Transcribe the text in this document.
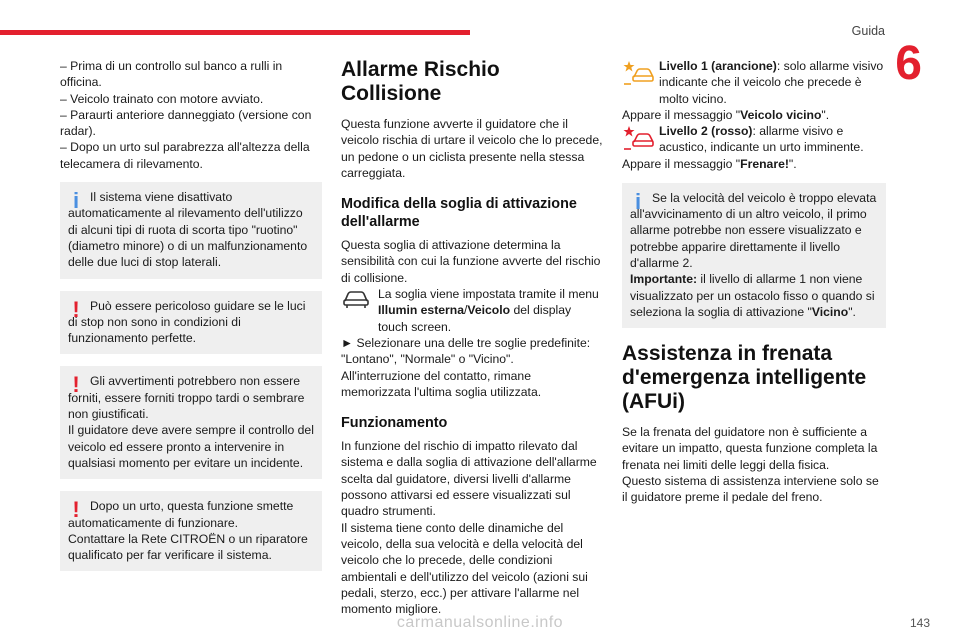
Guida
6

– Prima di un controllo sul banco a rulli in officina.

– Veicolo trainato con motore avviato.

– Paraurti anteriore danneggiato (versione con radar).

– Dopo un urto sul parabrezza all'altezza della telecamera di rilevamento.

i Il sistema viene disattivato automaticamente al rilevamento dell'utilizzo di alcuni tipi di ruota di scorta tipo "ruotino" (diametro minore) o di un malfunzionamento delle due luci di stop laterali.

! Può essere pericoloso guidare se le luci di stop non sono in condizioni di funzionamento perfette.

! Gli avvertimenti potrebbero non essere forniti, essere forniti troppo tardi o sembrare non giustificati.

Il guidatore deve avere sempre il controllo del veicolo ed essere pronto a intervenire in qualsiasi momento per evitare un incidente.

! Dopo un urto, questa funzione smette automaticamente di funzionare.

Contattare la Rete CITROËN o un riparatore qualificato per far verificare il sistema.

Allarme Rischio Collisione

Questa funzione avverte il guidatore che il veicolo rischia di urtare il veicolo che lo precede, un pedone o un ciclista presente nella stessa carreggiata.

Modifica della soglia di attivazione dell'allarme

Questa soglia di attivazione determina la sensibilità con cui la funzione avverte del rischio di collisione.

La soglia viene impostata tramite il menu Illumin esterna/Veicolo del display touch screen.

► Selezionare una delle tre soglie predefinite: "Lontano", "Normale" o "Vicino".

All'interruzione del contatto, rimane memorizzata l'ultima soglia utilizzata.

Funzionamento

In funzione del rischio di impatto rilevato dal sistema e dalla soglia di attivazione dell'allarme scelta dal guidatore, diversi livelli d'allarme possono attivarsi ed essere visualizzati sul quadro strumenti.

Il sistema tiene conto delle dinamiche del veicolo, della sua velocità e della velocità del veicolo che lo precede, delle condizioni ambientali e dell'utilizzo del veicolo (azioni sui pedali, sterzo, ecc.) per attivare l'allarme nel momento migliore.

Livello 1 (arancione): solo allarme visivo indicante che il veicolo che precede è molto vicino.

Appare il messaggio "Veicolo vicino".

Livello 2 (rosso): allarme visivo e acustico, indicante un urto imminente.

Appare il messaggio "Frenare!".

i Se la velocità del veicolo è troppo elevata all'avvicinamento di un altro veicolo, il primo allarme potrebbe non essere visualizzato e potrebbe apparire direttamente il livello d'allarme 2.

Importante: il livello di allarme 1 non viene visualizzato per un ostacolo fisso o quando si seleziona la soglia di attivazione "Vicino".

Assistenza in frenata d'emergenza intelligente (AFUi)

Se la frenata del guidatore non è sufficiente a evitare un impatto, questa funzione completa la frenata nei limiti delle leggi della fisica.

Questo sistema di assistenza interviene solo se il guidatore preme il pedale del freno.

143
carmanualsonline.info
